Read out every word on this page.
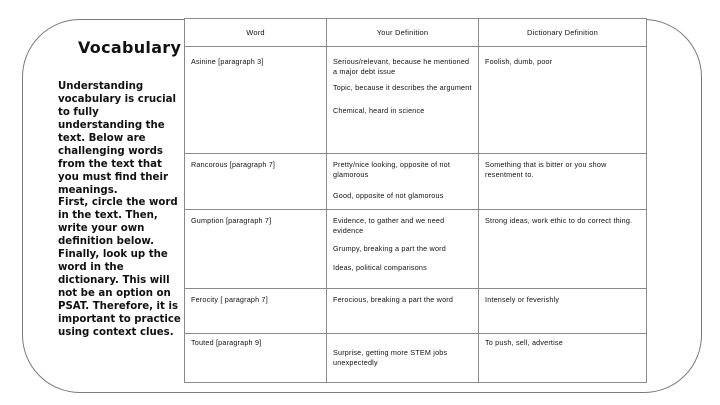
Vocabulary

Understanding vocabulary is crucial to fully understanding the text. Below are challenging words from the text that you must find their meanings.

First, circle the word in the text. Then, write your own definition below. Finally, look up the word in the dictionary. This will not be an option on PSAT. Therefore, it is important to practice using context clues.

Word	Your Definition	Dictionary Definition

Asinine [paragraph 3]	Serious/relevant, because he mentioned a major debt issue
Topic, because it describes the argument
Chemical, heard in science	Foolish, dumb, poor

Rancorous [paragraph 7]	Pretty/nice looking, opposite of not glamorous
Good, opposite of not glamorous	Something that is bitter or you show resentment to.

Gumption [paragraph 7]	Evidence, to gather and we need evidence
Grumpy, breaking a part the word
Ideas, political comparisons	Strong ideas, work ethic to do correct thing.

Ferocity [ paragraph 7]	Ferocious, breaking a part the word	Intensely or feverishly

Touted [paragraph 9]	Surprise, getting more STEM jobs unexpectedly	To push, sell, advertise
